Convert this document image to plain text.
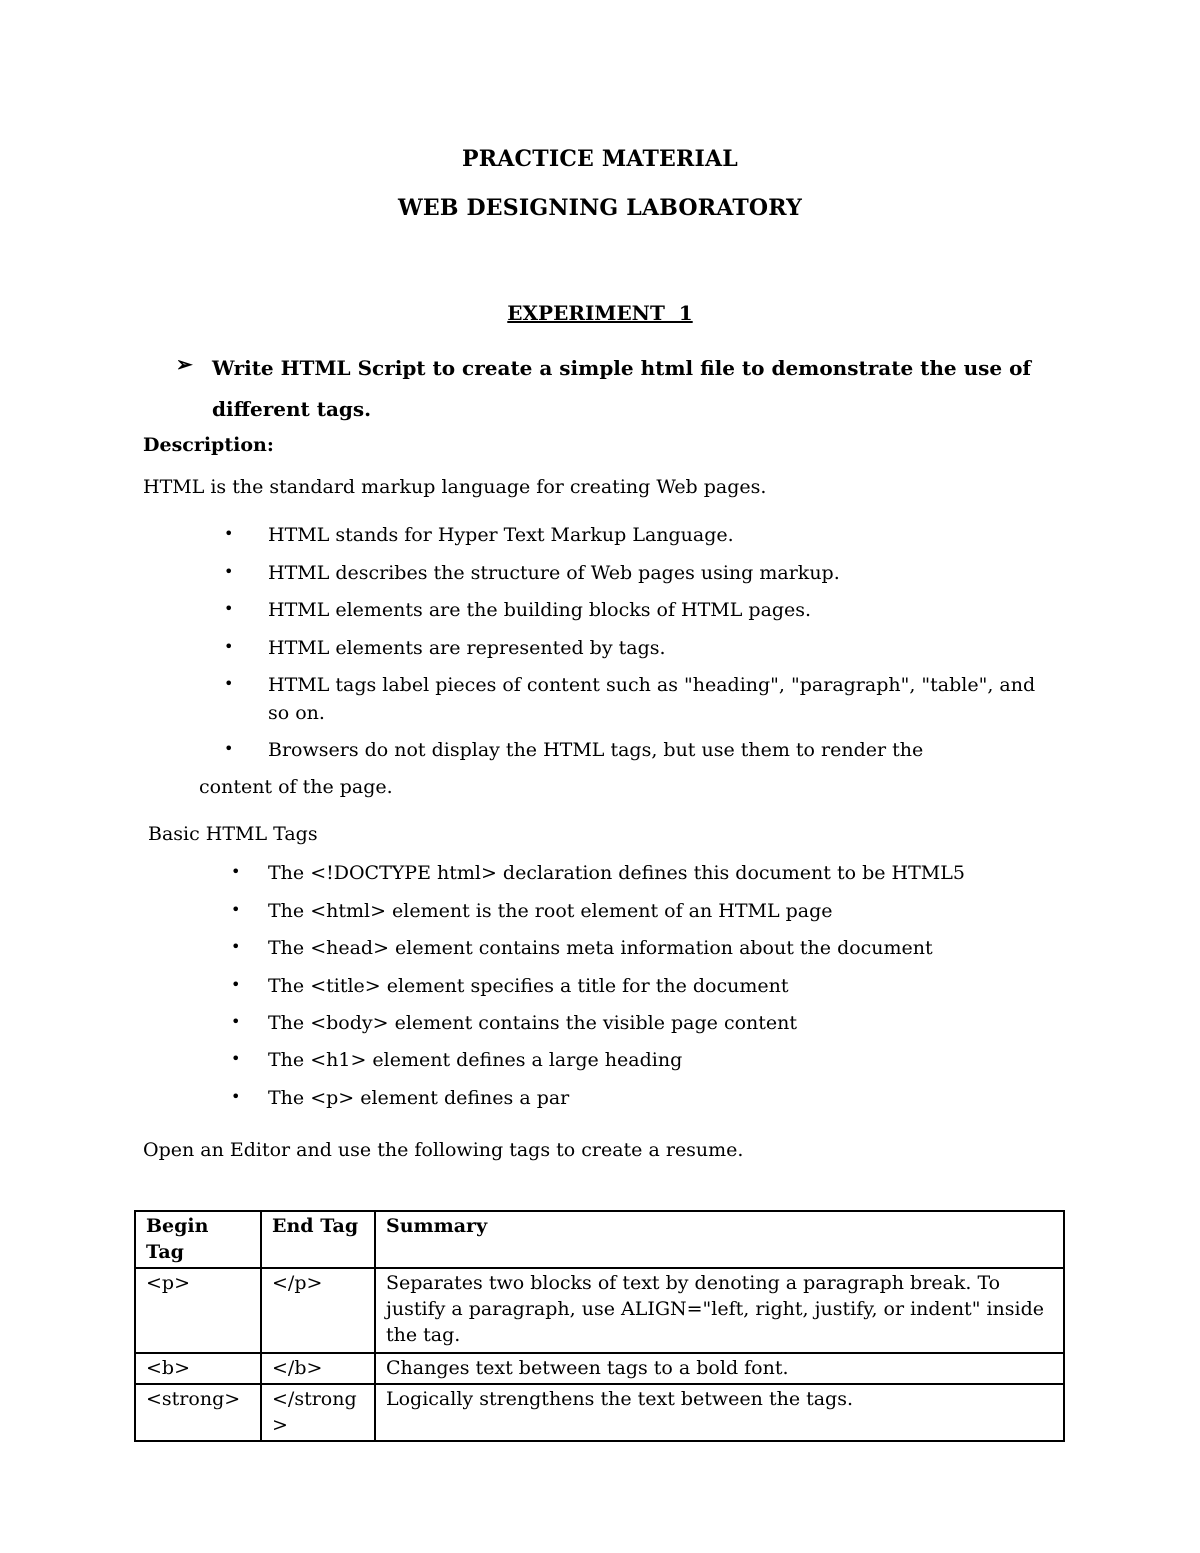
PRACTICE MATERIAL
WEB DESIGNING LABORATORY
EXPERIMENT  1
➢ Write HTML Script to create a simple html file to demonstrate the use of different tags.
Description:
HTML is the standard markup language for creating Web pages.
• HTML stands for Hyper Text Markup Language.
• HTML describes the structure of Web pages using markup.
• HTML elements are the building blocks of HTML pages.
• HTML elements are represented by tags.
• HTML tags label pieces of content such as "heading", "paragraph", "table", and so on.
• Browsers do not display the HTML tags, but use them to render the
content of the page.
Basic HTML Tags
• The <!DOCTYPE html> declaration defines this document to be HTML5
• The <html> element is the root element of an HTML page
• The <head> element contains meta information about the document
• The <title> element specifies a title for the document
• The <body> element contains the visible page content
• The <h1> element defines a large heading
• The <p> element defines a par
Open an Editor and use the following tags to create a resume.
Begin Tag	End Tag	Summary
<p>	</p>	Separates two blocks of text by denoting a paragraph break. To justify a paragraph, use ALIGN="left, right, justify, or indent" inside the tag.
<b>	</b>	Changes text between tags to a bold font.
<strong>	</strong >	Logically strengthens the text between the tags.
